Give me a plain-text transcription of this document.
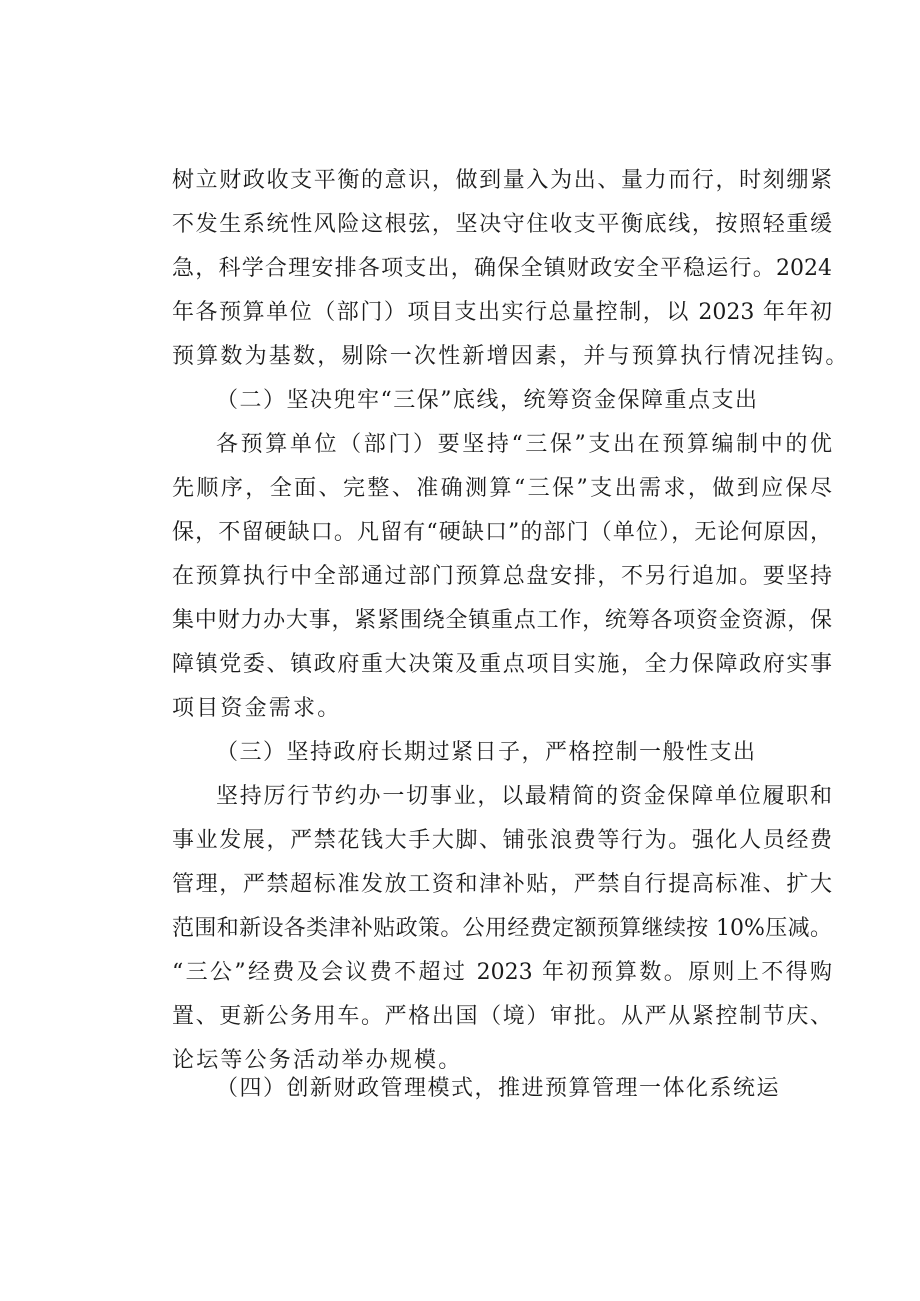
树立财政收支平衡的意识，做到量入为出、量力而行，时刻绷紧
不发生系统性风险这根弦，坚决守住收支平衡底线，按照轻重缓
急，科学合理安排各项支出，确保全镇财政安全平稳运行。2024
年各预算单位（部门）项目支出实行总量控制，以 2023 年年初
预算数为基数，剔除一次性新增因素，并与预算执行情况挂钩。
（二）坚决兜牢“三保”底线，统筹资金保障重点支出
各预算单位（部门）要坚持“三保”支出在预算编制中的优
先顺序，全面、完整、准确测算“三保”支出需求，做到应保尽
保，不留硬缺口。凡留有“硬缺口”的部门（单位），无论何原因，
在预算执行中全部通过部门预算总盘安排，不另行追加。要坚持
集中财力办大事，紧紧围绕全镇重点工作，统筹各项资金资源，保
障镇党委、镇政府重大决策及重点项目实施，全力保障政府实事
项目资金需求。
（三）坚持政府长期过紧日子，严格控制一般性支出
坚持厉行节约办一切事业，以最精简的资金保障单位履职和
事业发展，严禁花钱大手大脚、铺张浪费等行为。强化人员经费
管理，严禁超标准发放工资和津补贴，严禁自行提高标准、扩大
范围和新设各类津补贴政策。公用经费定额预算继续按 10%压减。
“三公”经费及会议费不超过 2023 年初预算数。原则上不得购
置、更新公务用车。严格出国（境）审批。从严从紧控制节庆、
论坛等公务活动举办规模。
（四）创新财政管理模式，推进预算管理一体化系统运
